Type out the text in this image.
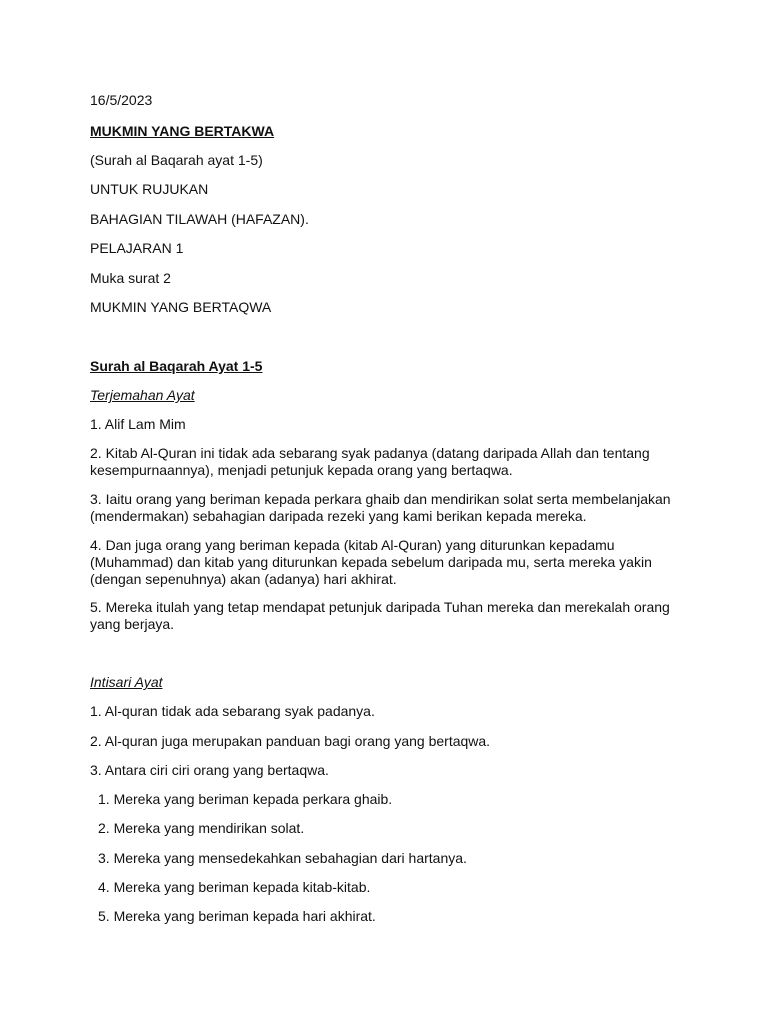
16/5/2023

MUKMIN YANG BERTAKWA

(Surah al Baqarah ayat 1-5)

UNTUK RUJUKAN

BAHAGIAN TILAWAH (HAFAZAN).

PELAJARAN 1

Muka surat 2

MUKMIN YANG BERTAQWA

Surah al Baqarah Ayat 1-5

Terjemahan Ayat

1. Alif Lam Mim

2. Kitab Al-Quran ini tidak ada sebarang syak padanya (datang daripada Allah dan tentang kesempurnaannya), menjadi petunjuk kepada orang yang bertaqwa.

3. Iaitu orang yang beriman kepada perkara ghaib dan mendirikan solat serta membelanjakan (mendermakan) sebahagian daripada rezeki yang kami berikan kepada mereka.

4. Dan juga orang yang beriman kepada (kitab Al-Quran) yang diturunkan kepadamu (Muhammad) dan kitab yang diturunkan kepada sebelum daripada mu, serta mereka yakin (dengan sepenuhnya) akan (adanya) hari akhirat.

5. Mereka itulah yang tetap mendapat petunjuk daripada Tuhan mereka dan merekalah orang yang berjaya.

Intisari Ayat

1. Al-quran tidak ada sebarang syak padanya.

2. Al-quran juga merupakan panduan bagi orang yang bertaqwa.

3. Antara ciri ciri orang yang bertaqwa.

1. Mereka yang beriman kepada perkara ghaib.

2. Mereka yang mendirikan solat.

3. Mereka yang mensedekahkan sebahagian dari hartanya.

4. Mereka yang beriman kepada kitab-kitab.

5. Mereka yang beriman kepada hari akhirat.
